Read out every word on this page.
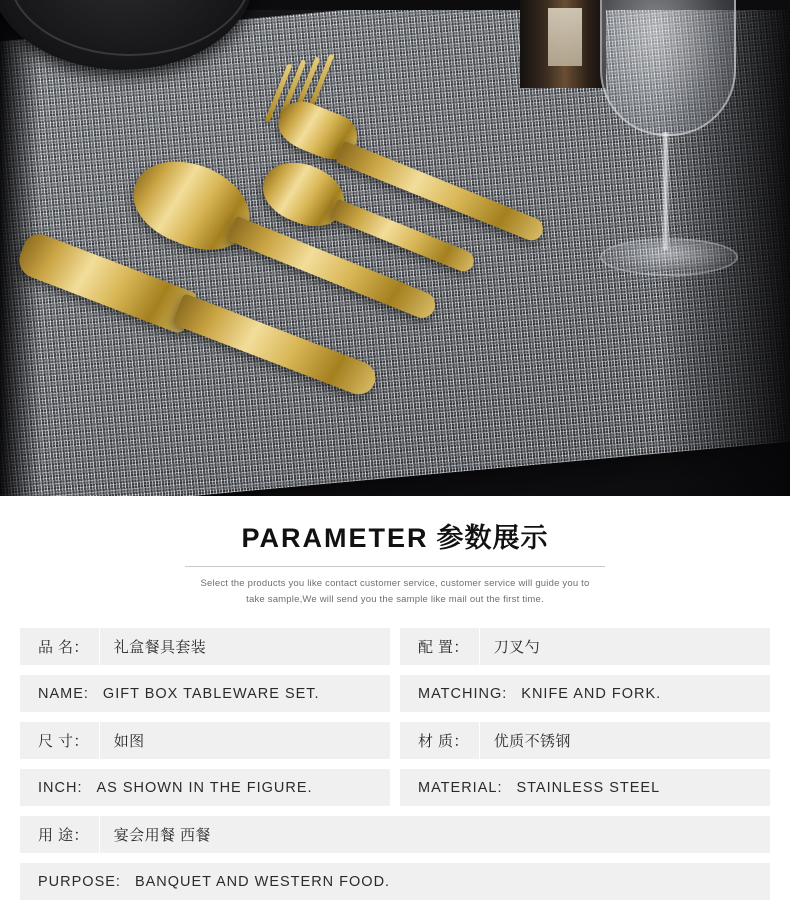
PARAMETER 参数展示
Select the products you like contact customer service, customer service will guide you to
take sample,We will send you the sample like mail out the first time.
品 名：	礼盒餐具套装	配 置：	刀叉勺
NAME: GIFT BOX TABLEWARE SET.	MATCHING: KNIFE AND FORK.
尺 寸：	如图	材 质：	优质不锈钢
INCH: AS SHOWN IN THE FIGURE.	MATERIAL: STAINLESS STEEL
用 途：	宴会用餐 西餐
PURPOSE: BANQUET AND WESTERN FOOD.
